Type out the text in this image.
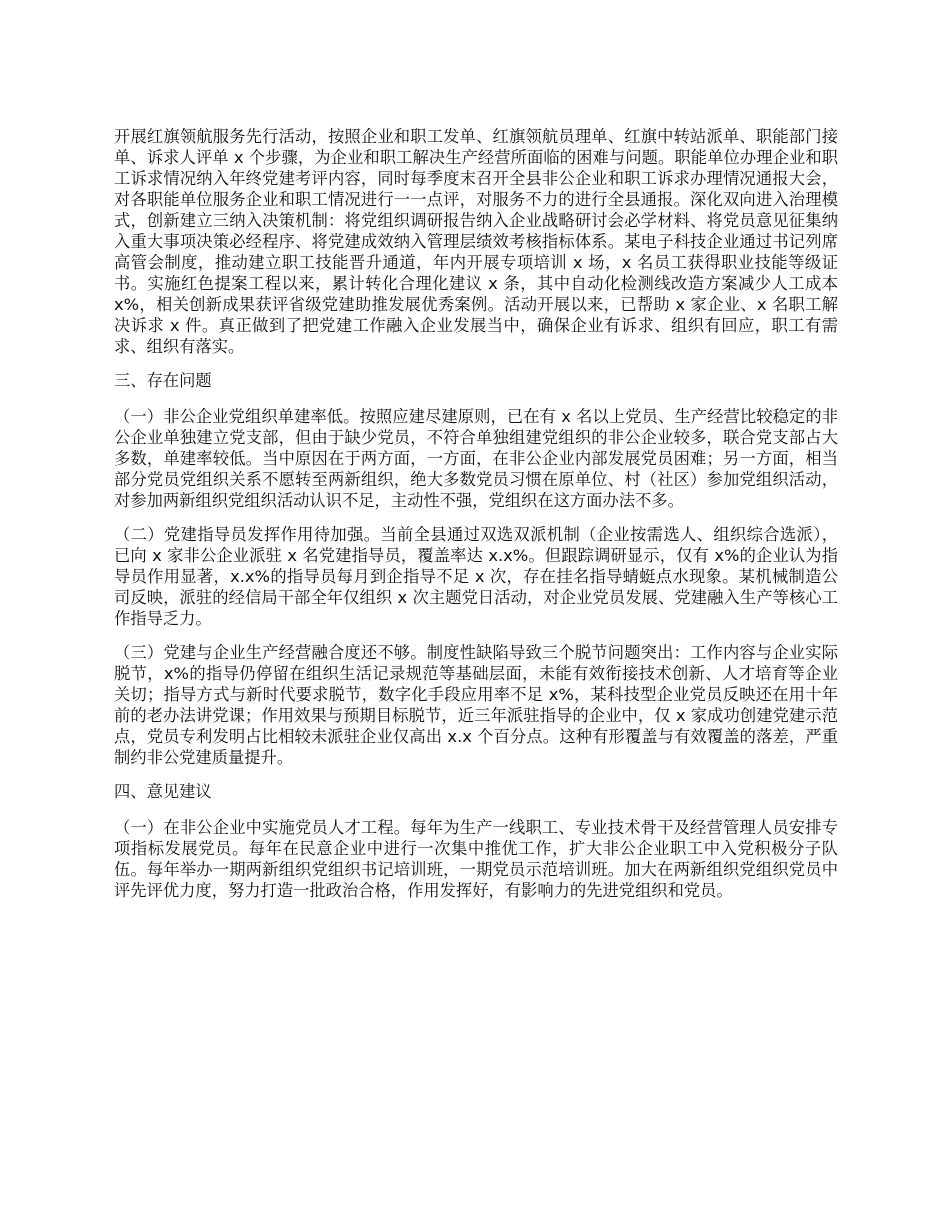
开展红旗领航服务先行活动，按照企业和职工发单、红旗领航员理单、红旗中转站派单、职能部门接单、诉求人评单 x 个步骤，为企业和职工解决生产经营所面临的困难与问题。职能单位办理企业和职工诉求情况纳入年终党建考评内容，同时每季度末召开全县非公企业和职工诉求办理情况通报大会，对各职能单位服务企业和职工情况进行一一点评，对服务不力的进行全县通报。深化双向进入治理模式，创新建立三纳入决策机制：将党组织调研报告纳入企业战略研讨会必学材料、将党员意见征集纳入重大事项决策必经程序、将党建成效纳入管理层绩效考核指标体系。某电子科技企业通过书记列席高管会制度，推动建立职工技能晋升通道，年内开展专项培训 x 场，x 名员工获得职业技能等级证书。实施红色提案工程以来，累计转化合理化建议 x 条，其中自动化检测线改造方案减少人工成本 x%，相关创新成果获评省级党建助推发展优秀案例。活动开展以来，已帮助 x 家企业、x 名职工解决诉求 x 件。真正做到了把党建工作融入企业发展当中，确保企业有诉求、组织有回应，职工有需求、组织有落实。

三、存在问题

（一）非公企业党组织单建率低。按照应建尽建原则，已在有 x 名以上党员、生产经营比较稳定的非公企业单独建立党支部，但由于缺少党员，不符合单独组建党组织的非公企业较多，联合党支部占大多数，单建率较低。当中原因在于两方面，一方面，在非公企业内部发展党员困难；另一方面，相当部分党员党组织关系不愿转至两新组织，绝大多数党员习惯在原单位、村（社区）参加党组织活动，对参加两新组织党组织活动认识不足，主动性不强，党组织在这方面办法不多。

（二）党建指导员发挥作用待加强。当前全县通过双选双派机制（企业按需选人、组织综合选派），已向 x 家非公企业派驻 x 名党建指导员，覆盖率达 x.x%。但跟踪调研显示，仅有 x%的企业认为指导员作用显著，x.x%的指导员每月到企指导不足 x 次，存在挂名指导蜻蜓点水现象。某机械制造公司反映，派驻的经信局干部全年仅组织 x 次主题党日活动，对企业党员发展、党建融入生产等核心工作指导乏力。

（三）党建与企业生产经营融合度还不够。制度性缺陷导致三个脱节问题突出：工作内容与企业实际脱节，x%的指导仍停留在组织生活记录规范等基础层面，未能有效衔接技术创新、人才培育等企业关切；指导方式与新时代要求脱节，数字化手段应用率不足 x%，某科技型企业党员反映还在用十年前的老办法讲党课；作用效果与预期目标脱节，近三年派驻指导的企业中，仅 x 家成功创建党建示范点，党员专利发明占比相较未派驻企业仅高出 x.x 个百分点。这种有形覆盖与有效覆盖的落差，严重制约非公党建质量提升。

四、意见建议

（一）在非公企业中实施党员人才工程。每年为生产一线职工、专业技术骨干及经营管理人员安排专项指标发展党员。每年在民意企业中进行一次集中推优工作，扩大非公企业职工中入党积极分子队伍。每年举办一期两新组织党组织书记培训班，一期党员示范培训班。加大在两新组织党组织党员中评先评优力度，努力打造一批政治合格，作用发挥好，有影响力的先进党组织和党员。
